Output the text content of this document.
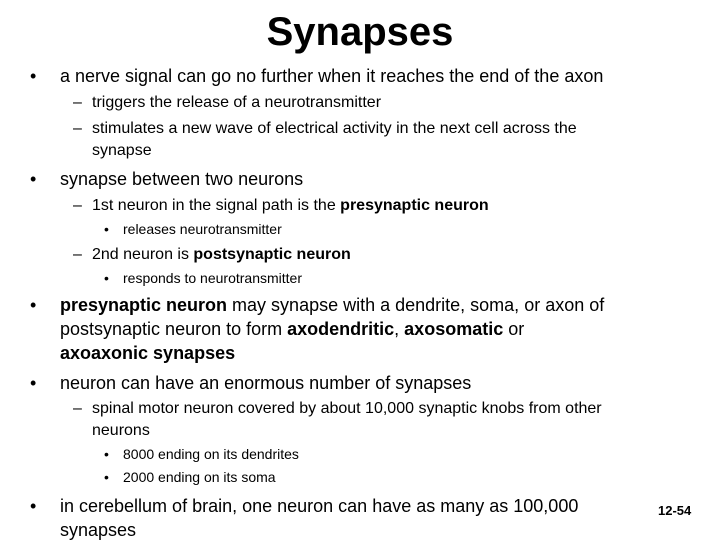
Synapses
• a nerve signal can go no further when it reaches the end of the axon
– triggers the release of a neurotransmitter
– stimulates a new wave of electrical activity in the next cell across the
synapse
• synapse between two neurons
– 1st neuron in the signal path is the presynaptic neuron
• releases neurotransmitter
– 2nd neuron is postsynaptic neuron
• responds to neurotransmitter
• presynaptic neuron may synapse with a dendrite, soma, or axon of
postsynaptic neuron to form axodendritic, axosomatic or
axoaxonic synapses
• neuron can have an enormous number of synapses
– spinal motor neuron covered by about 10,000 synaptic knobs from other
neurons
• 8000 ending on its dendrites
• 2000 ending on its soma
• in cerebellum of brain, one neuron can have as many as 100,000
synapses
12-54
